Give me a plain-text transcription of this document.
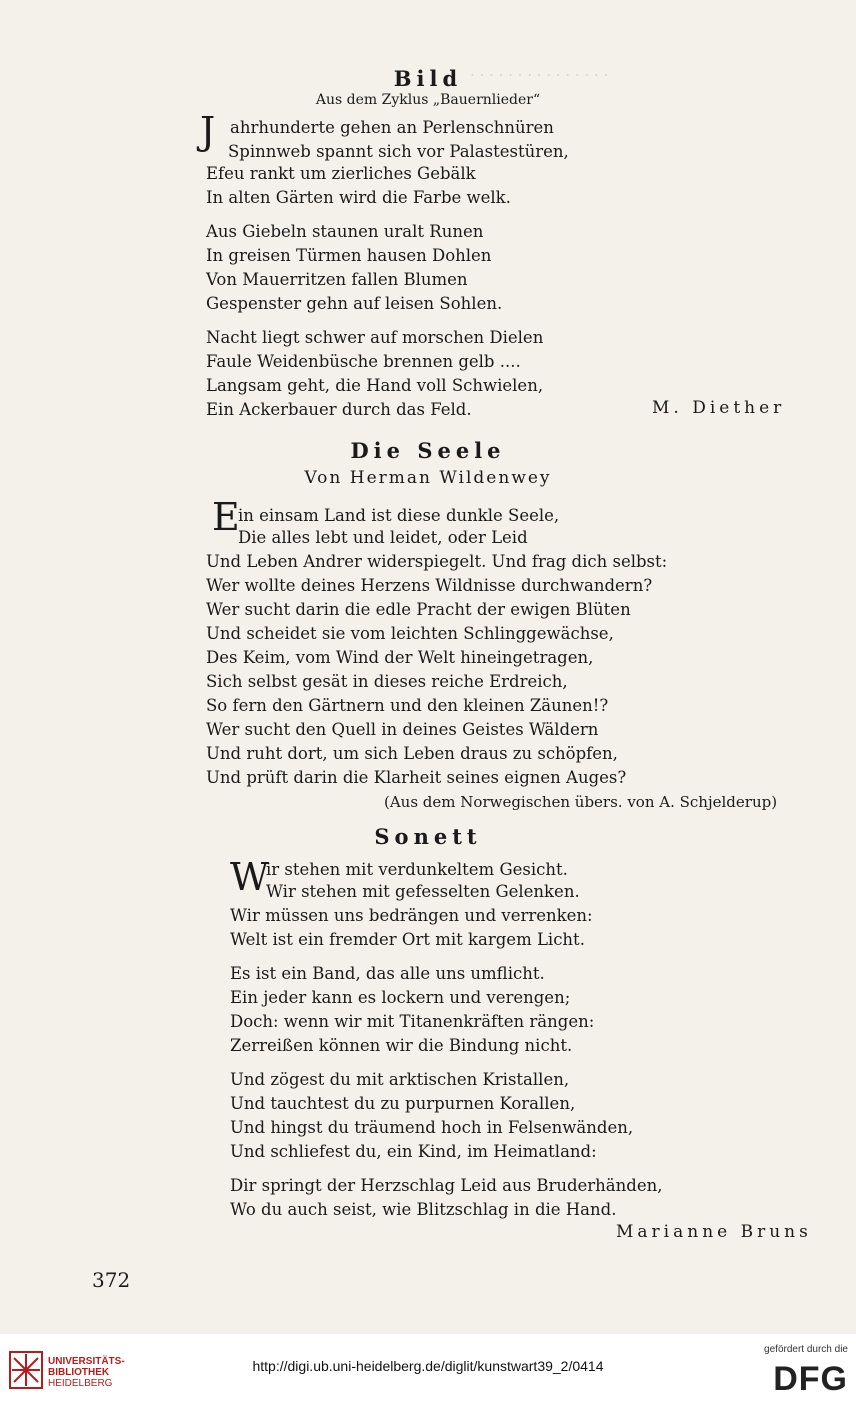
· · · · · · · · · · · · · · ·
Bild
Aus dem Zyklus „Bauernlieder“
J ahrhunderte gehen an Perlenschnüren
Spinnweb spannt sich vor Palastestüren,
Efeu rankt um zierliches Gebälk
In alten Gärten wird die Farbe welk.
Aus Giebeln staunen uralt Runen
In greisen Türmen hausen Dohlen
Von Mauerritzen fallen Blumen
Gespenster gehn auf leisen Sohlen.
Nacht liegt schwer auf morschen Dielen
Faule Weidenbüsche brennen gelb ....
Langsam geht, die Hand voll Schwielen,
Ein Ackerbauer durch das Feld.	M. Diether
Die Seele
Von Herman Wildenwey
E
in einsam Land ist diese dunkle Seele,
Die alles lebt und leidet, oder Leid
Und Leben Andrer widerspiegelt. Und frag dich selbst:
Wer wollte deines Herzens Wildnisse durchwandern?
Wer sucht darin die edle Pracht der ewigen Blüten
Und scheidet sie vom leichten Schlinggewächse,
Des Keim, vom Wind der Welt hineingetragen,
Sich selbst gesät in dieses reiche Erdreich,
So fern den Gärtnern und den kleinen Zäunen!?
Wer sucht den Quell in deines Geistes Wäldern
Und ruht dort, um sich Leben draus zu schöpfen,
Und prüft darin die Klarheit seines eignen Auges?
(Aus dem Norwegischen übers. von A. Schjelderup)
Sonett
W
ir stehen mit verdunkeltem Gesicht.
Wir stehen mit gefesselten Gelenken.
Wir müssen uns bedrängen und verrenken:
Welt ist ein fremder Ort mit kargem Licht.
Es ist ein Band, das alle uns umflicht.
Ein jeder kann es lockern und verengen;
Doch: wenn wir mit Titanenkräften rängen:
Zerreißen können wir die Bindung nicht.
Und zögest du mit arktischen Kristallen,
Und tauchtest du zu purpurnen Korallen,
Und hingst du träumend hoch in Felsenwänden,
Und schliefest du, ein Kind, im Heimatland:
Dir springt der Herzschlag Leid aus Bruderhänden,
Wo du auch seist, wie Blitzschlag in die Hand.
Marianne Bruns
372
UNIVERSITÄTS-
BIBLIOTHEK
HEIDELBERG
http://digi.ub.uni-heidelberg.de/diglit/kunstwart39_2/0414
gefördert durch die
DFG
